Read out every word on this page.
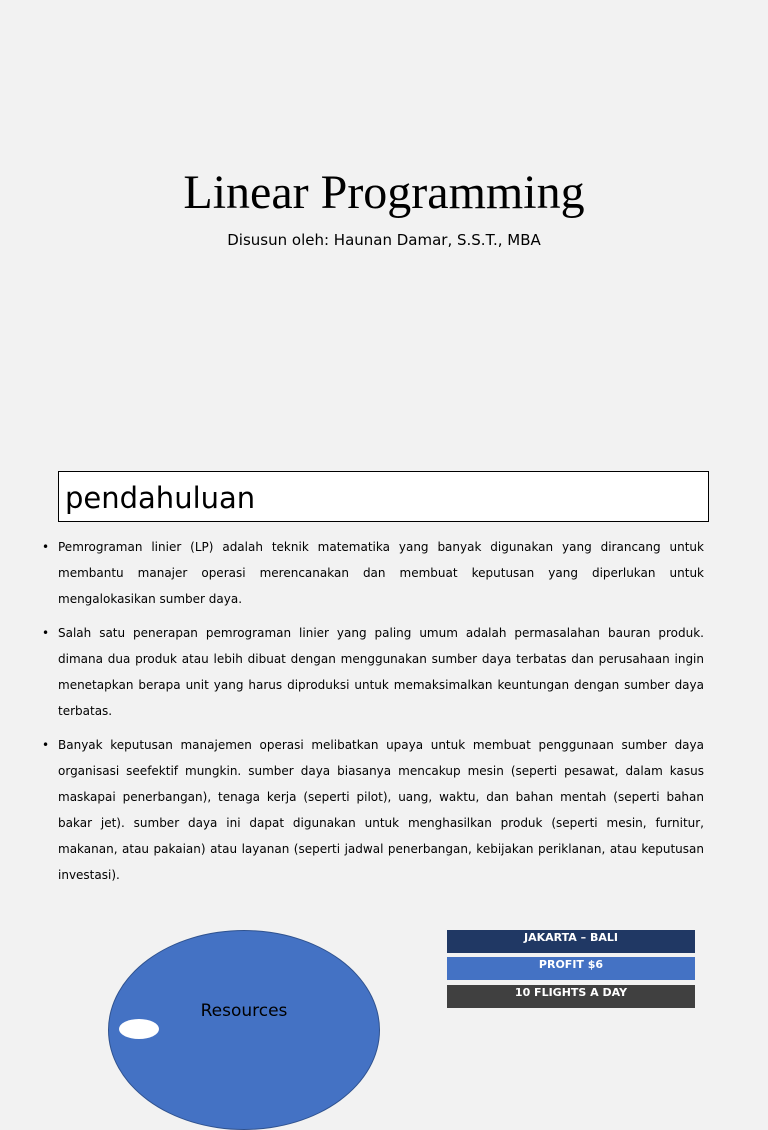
Linear Programming
Disusun oleh: Haunan Damar, S.S.T., MBA
pendahuluan
• Pemrograman linier (LP) adalah teknik matematika yang banyak digunakan yang dirancang untuk membantu manajer operasi merencanakan dan membuat keputusan yang diperlukan untuk mengalokasikan sumber daya.
• Salah satu penerapan pemrograman linier yang paling umum adalah permasalahan bauran produk. dimana dua produk atau lebih dibuat dengan menggunakan sumber daya terbatas dan perusahaan ingin menetapkan berapa unit yang harus diproduksi untuk memaksimalkan keuntungan dengan sumber daya terbatas.
• Banyak keputusan manajemen operasi melibatkan upaya untuk membuat penggunaan sumber daya organisasi seefektif mungkin. sumber daya biasanya mencakup mesin (seperti pesawat, dalam kasus maskapai penerbangan), tenaga kerja (seperti pilot), uang, waktu, dan bahan mentah (seperti bahan bakar jet). sumber daya ini dapat digunakan untuk menghasilkan produk (seperti mesin, furnitur, makanan, atau pakaian) atau layanan (seperti jadwal penerbangan, kebijakan periklanan, atau keputusan investasi).
Resources
JAKARTA – BALI
PROFIT $6
10 FLIGHTS A DAY
